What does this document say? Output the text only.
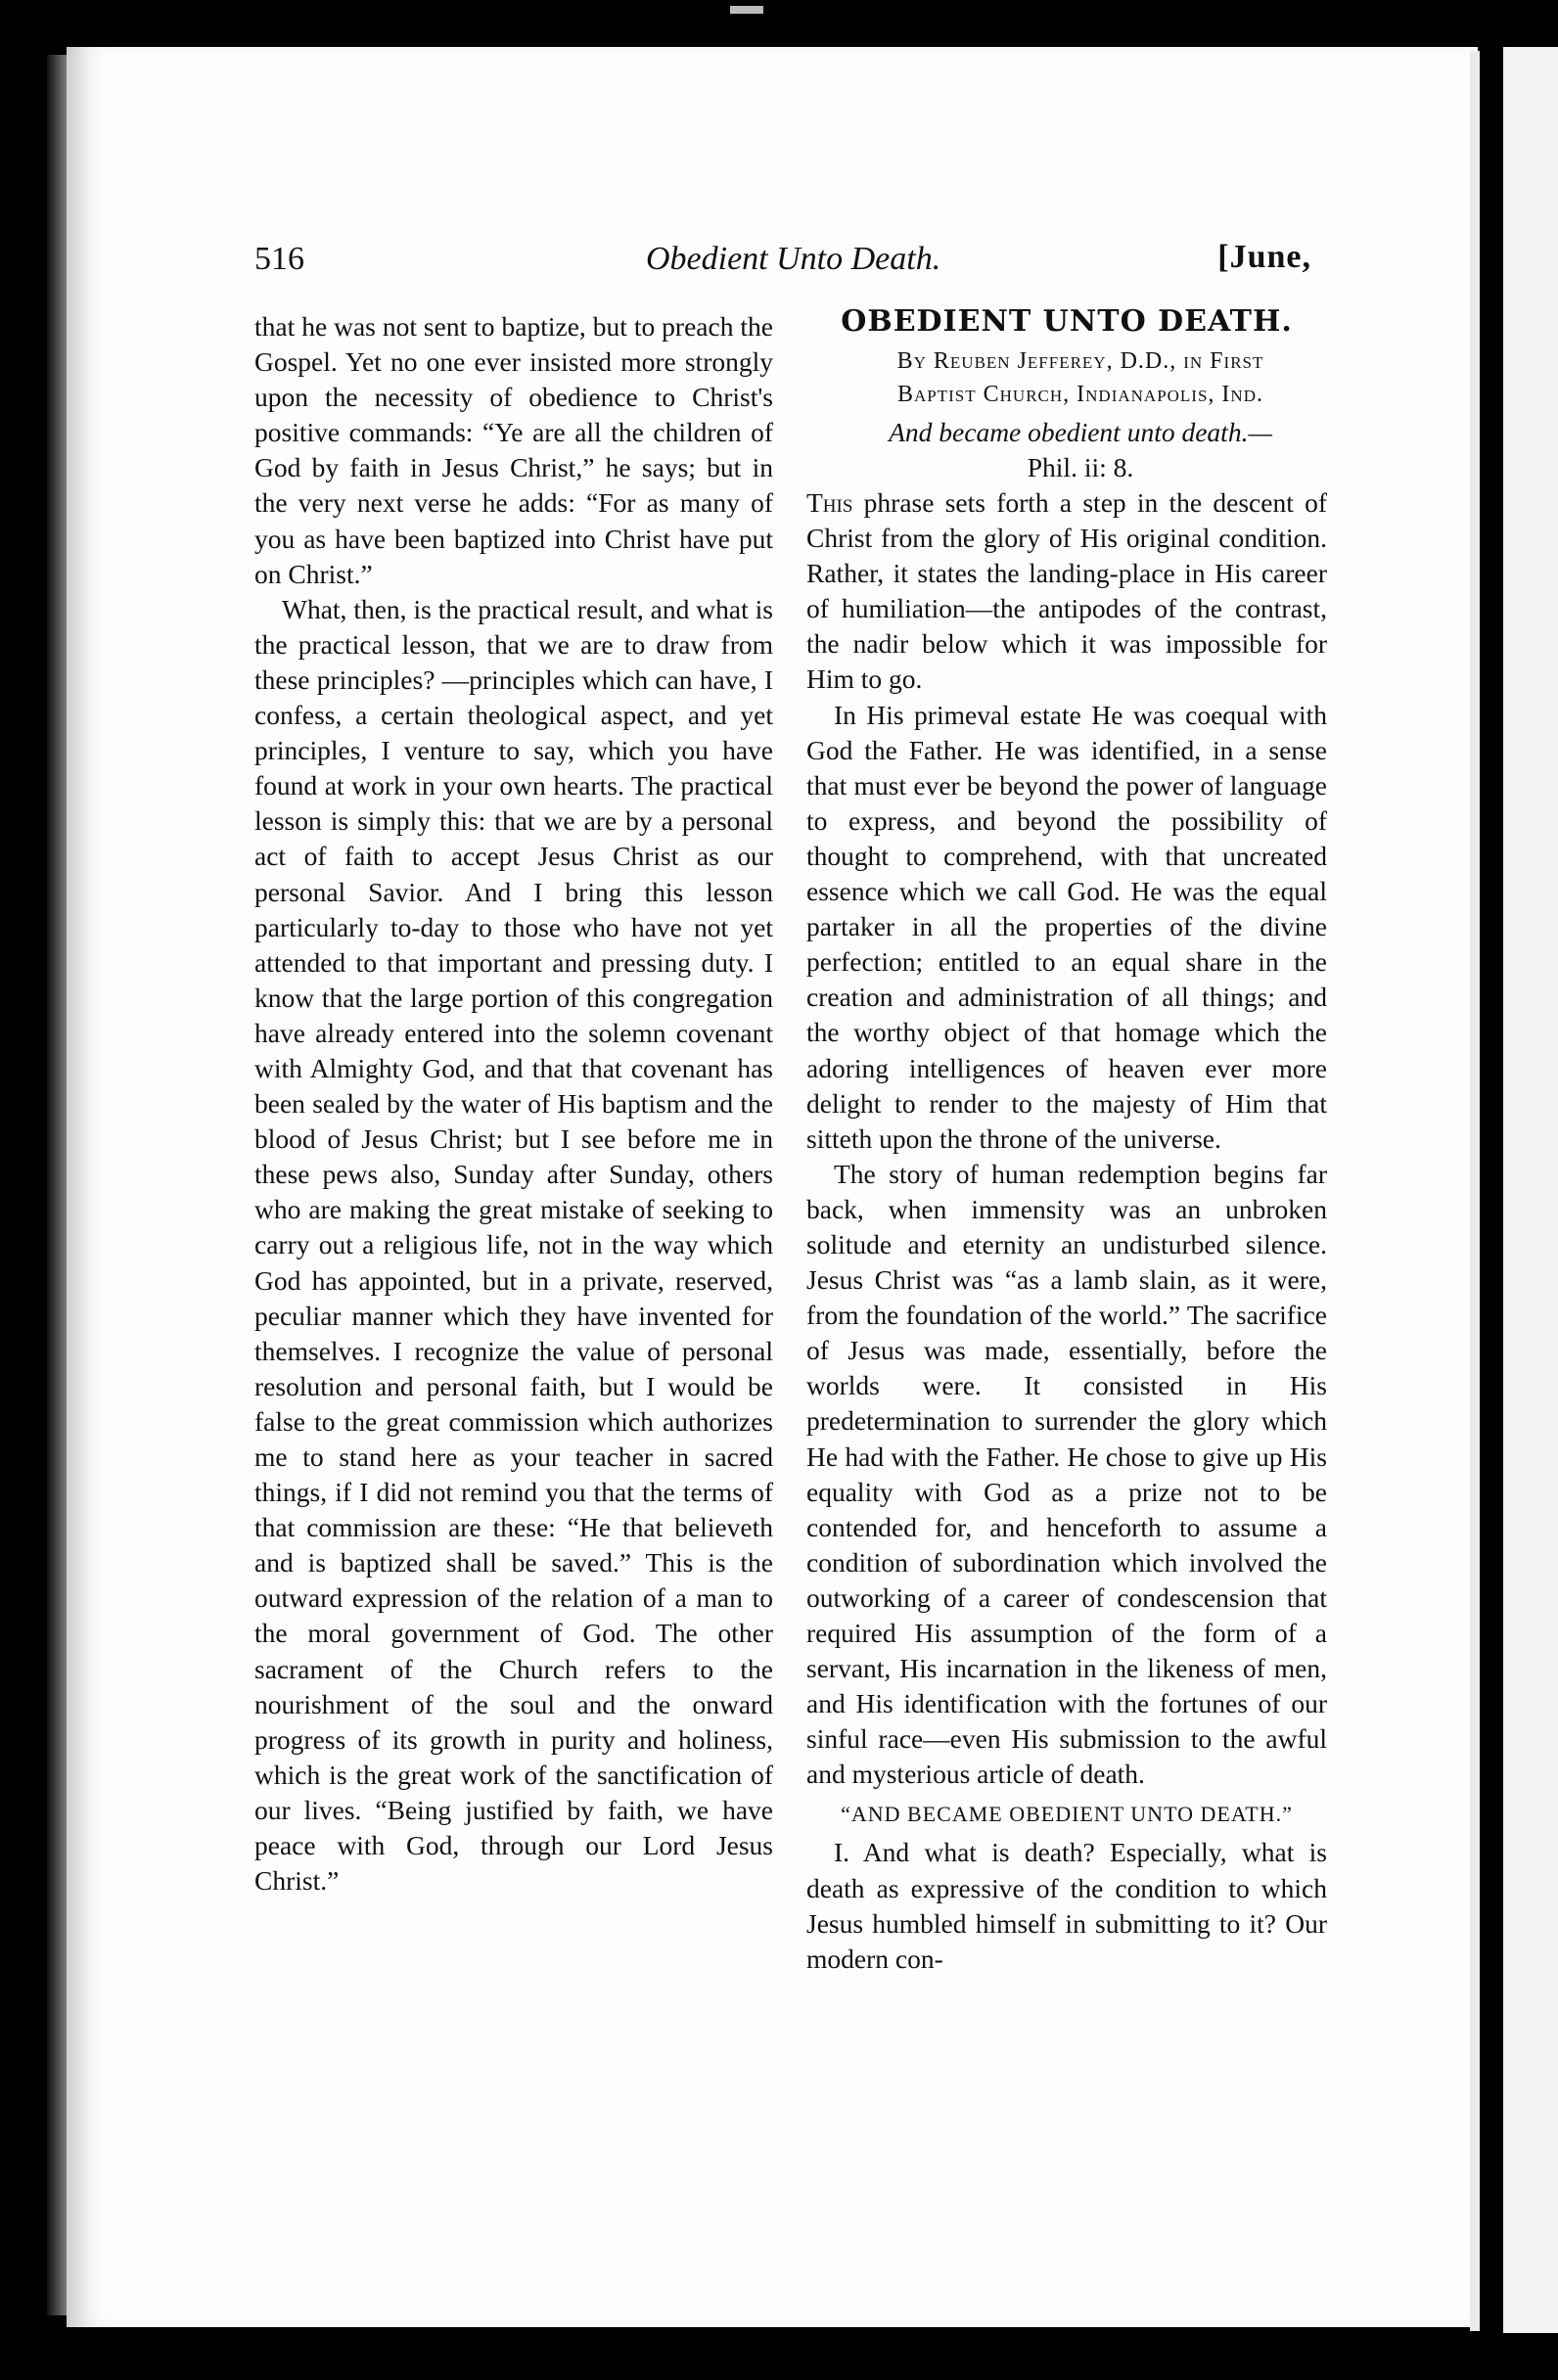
516	Obedient Unto Death.	[June,

that he was not sent to baptize, but to preach the Gospel. Yet no one ever insisted more strongly upon the necessity of obedience to Christ's positive commands: “Ye are all the children of God by faith in Jesus Christ,” he says; but in the very next verse he adds: “For as many of you as have been baptized into Christ have put on Christ.”

What, then, is the practical result, and what is the practical lesson, that we are to draw from these principles? —principles which can have, I confess, a certain theological aspect, and yet principles, I venture to say, which you have found at work in your own hearts. The practical lesson is simply this: that we are by a personal act of faith to accept Jesus Christ as our personal Savior. And I bring this lesson particularly to-day to those who have not yet attended to that important and pressing duty. I know that the large portion of this congregation have already entered into the solemn covenant with Almighty God, and that that covenant has been sealed by the water of His baptism and the blood of Jesus Christ; but I see before me in these pews also, Sunday after Sunday, others who are making the great mistake of seeking to carry out a religious life, not in the way which God has appointed, but in a private, reserved, peculiar manner which they have invented for themselves. I recognize the value of personal resolution and personal faith, but I would be false to the great commission which authorizes me to stand here as your teacher in sacred things, if I did not remind you that the terms of that commission are these: “He that believeth and is baptized shall be saved.” This is the outward expression of the relation of a man to the moral government of God. The other sacrament of the Church refers to the nourishment of the soul and the onward progress of its growth in purity and holiness, which is the great work of the sanctification of our lives. “Being justified by faith, we have peace with God, through our Lord Jesus Christ.”

OBEDIENT UNTO DEATH.

By Reuben Jefferey, D.D., in First

Baptist Church, Indianapolis, Ind.

And became obedient unto death.—

Phil. ii: 8.

This phrase sets forth a step in the descent of Christ from the glory of His original condition. Rather, it states the landing-place in His career of humiliation—the antipodes of the contrast, the nadir below which it was impossible for Him to go.

In His primeval estate He was coequal with God the Father. He was identified, in a sense that must ever be beyond the power of language to express, and beyond the possibility of thought to comprehend, with that uncreated essence which we call God. He was the equal partaker in all the properties of the divine perfection; entitled to an equal share in the creation and administration of all things; and the worthy object of that homage which the adoring intelligences of heaven ever more delight to render to the majesty of Him that sitteth upon the throne of the universe.

The story of human redemption begins far back, when immensity was an unbroken solitude and eternity an undisturbed silence. Jesus Christ was “as a lamb slain, as it were, from the foundation of the world.” The sacrifice of Jesus was made, essentially, before the worlds were. It consisted in His predetermination to surrender the glory which He had with the Father. He chose to give up His equality with God as a prize not to be contended for, and henceforth to assume a condition of subordination which involved the outworking of a career of condescension that required His assumption of the form of a servant, His incarnation in the likeness of men, and His identification with the fortunes of our sinful race—even His submission to the awful and mysterious article of death.

“AND BECAME OBEDIENT UNTO DEATH.”

I. And what is death? Especially, what is death as expressive of the condition to which Jesus humbled himself in submitting to it? Our modern con-
